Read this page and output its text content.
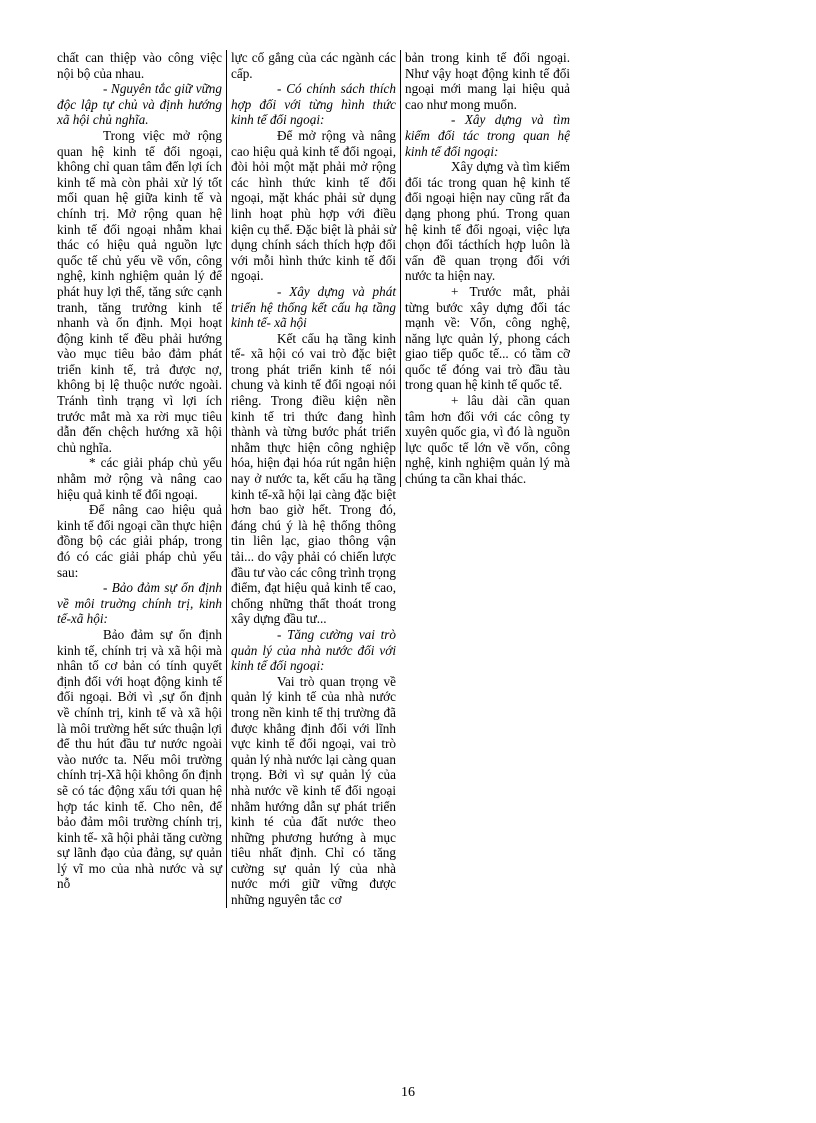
chất can thiệp vào công việc nội bộ của nhau.

- Nguyên tắc giữ vững độc lập tự chủ và định hướng xã hội chủ nghĩa.

Trong việc mở rộng quan hệ kinh tế đối ngoại, không chỉ quan tâm đến lợi ích kinh tế mà còn phải xử lý tốt mối quan hệ giữa kinh tế và chính trị. Mở rộng quan hệ kinh tế đối ngoại nhằm khai thác có hiệu quả nguồn lực quốc tế chủ yếu về vốn, công nghệ, kinh nghiệm quản lý để phát huy lợi thế, tăng sức cạnh tranh, tăng trưởng kinh tế nhanh và ổn định. Mọi hoạt động kinh tế đều phải hướng vào mục tiêu bảo đảm phát triển kinh tế, trả được nợ, không bị lệ thuộc nước ngoài. Tránh tình trạng vì lợi ích trước mắt mà xa rời mục tiêu dẫn đến chệch hướng xã hội chủ nghĩa.

* các giải pháp chủ yếu nhằm mở rộng và nâng cao hiệu quả kinh tế đối ngoại.

Để nâng cao hiệu quả kinh tế đối ngoại cần thực hiện đồng bộ các giải pháp, trong đó có các giải pháp chủ yếu sau:

- Bảo đảm sự ổn định về môi truờng chính trị, kinh tế-xã hội:

Bảo đảm sự ổn định kinh tế, chính trị và xã hội mà nhân tố cơ bản có tính quyết định đối với hoạt động kinh tế đối ngoại. Bởi vì ,sự ổn định về chính trị, kinh tế và xã hội là môi trường hết sức thuận lợi để thu hút đầu tư nước ngoài vào nước ta. Nếu môi trường chính trị-Xã hội không ổn định sẽ có tác động xấu tới quan hệ hợp tác kinh tế. Cho nên, để bảo đảm môi trường chính trị, kinh tế- xã hội phải tăng cường sự lãnh đạo của đảng, sự quản lý vĩ mo của nhà nước và sự nỗ

lực cố gắng của các ngành các cấp.

- Có chính sách thích hợp đối với từng hình thức kinh tế đối ngoại:

Để mở rộng và nâng cao hiệu quả kinh tế đối ngoại, đòi hỏi một mặt phải mở rộng các hình thức kinh tế đối ngoại, mặt khác phải sử dụng linh hoạt phù hợp với điều kiện cụ thể. Đặc biệt là phải sử dụng chính sách thích hợp đối với mỗi hình thức kinh tế đối ngoại.

- Xây dựng và phát triển hệ thống kết cấu hạ tầng kinh tế- xã hội

Kết cấu hạ tầng kinh tế- xã hội có vai trò đặc biệt trong phát triển kinh tế nói chung và kinh tế đối ngoại nói riêng. Trong điều kiện nền kinh tế tri thức đang hình thành và từng bước phát triển nhằm thực hiện công nghiệp hóa, hiện đại hóa rút ngắn hiện nay ở nước ta, kết cấu hạ tầng kinh tế-xã hội lại càng đặc biệt hơn bao giờ hết. Trong đó, đáng chú ý là hệ thống thông tin liên lạc, giao thông vận tải... do vậy phải có chiến lược đầu tư vào các công trình trọng điểm, đạt hiệu quả kinh tế cao, chống những thất thoát trong xây dựng đầu tư...

- Tăng cường vai trò quản lý của nhà nước đối với kinh tế đối ngoại:

Vai trò quan trọng về quản lý kinh tế của nhà nước trong nền kinh tế thị trường đã được khẳng định đối với lĩnh vực kinh tế đối ngoại, vai trò quản lý nhà nước lại càng quan trọng. Bởi vì sự quản lý của nhà nước về kinh tế đối ngoại nhằm hướng dẫn sự phát triển kinh té của đất nước theo những phương hướng à mục tiêu nhất định. Chỉ có tăng cường sự quản lý của nhà nước mới giữ vững được những nguyên tắc cơ

bản trong kinh tế đối ngoại. Như vậy hoạt động kinh tế đối ngoại mới mang lại hiệu quả cao như mong muốn.

- Xây dựng và tìm kiếm đối tác trong quan hệ kinh tế đối ngoại:

Xây dựng và tìm kiếm đối tác trong quan hệ kinh tế đối ngoại hiện nay cũng rất đa dạng phong phú. Trong quan hệ kinh tế đối ngoại, việc lựa chọn đối tácthích hợp luôn là vấn đề quan trọng đối với nước ta hiện nay.

+ Trước mắt, phải từng bước xây dựng đối tác mạnh về: Vốn, công nghệ, năng lực quản lý, phong cách giao tiếp quốc tế... có tầm cỡ quốc tế đóng vai trò đầu tàu trong quan hệ kinh tế quốc tế.

+ lâu dài cần quan tâm hơn đối với các công ty xuyên quốc gia, vì đó là nguồn lực quốc tế lớn về vốn, công nghệ, kinh nghiệm quản lý mà chúng ta cần khai thác.

16
